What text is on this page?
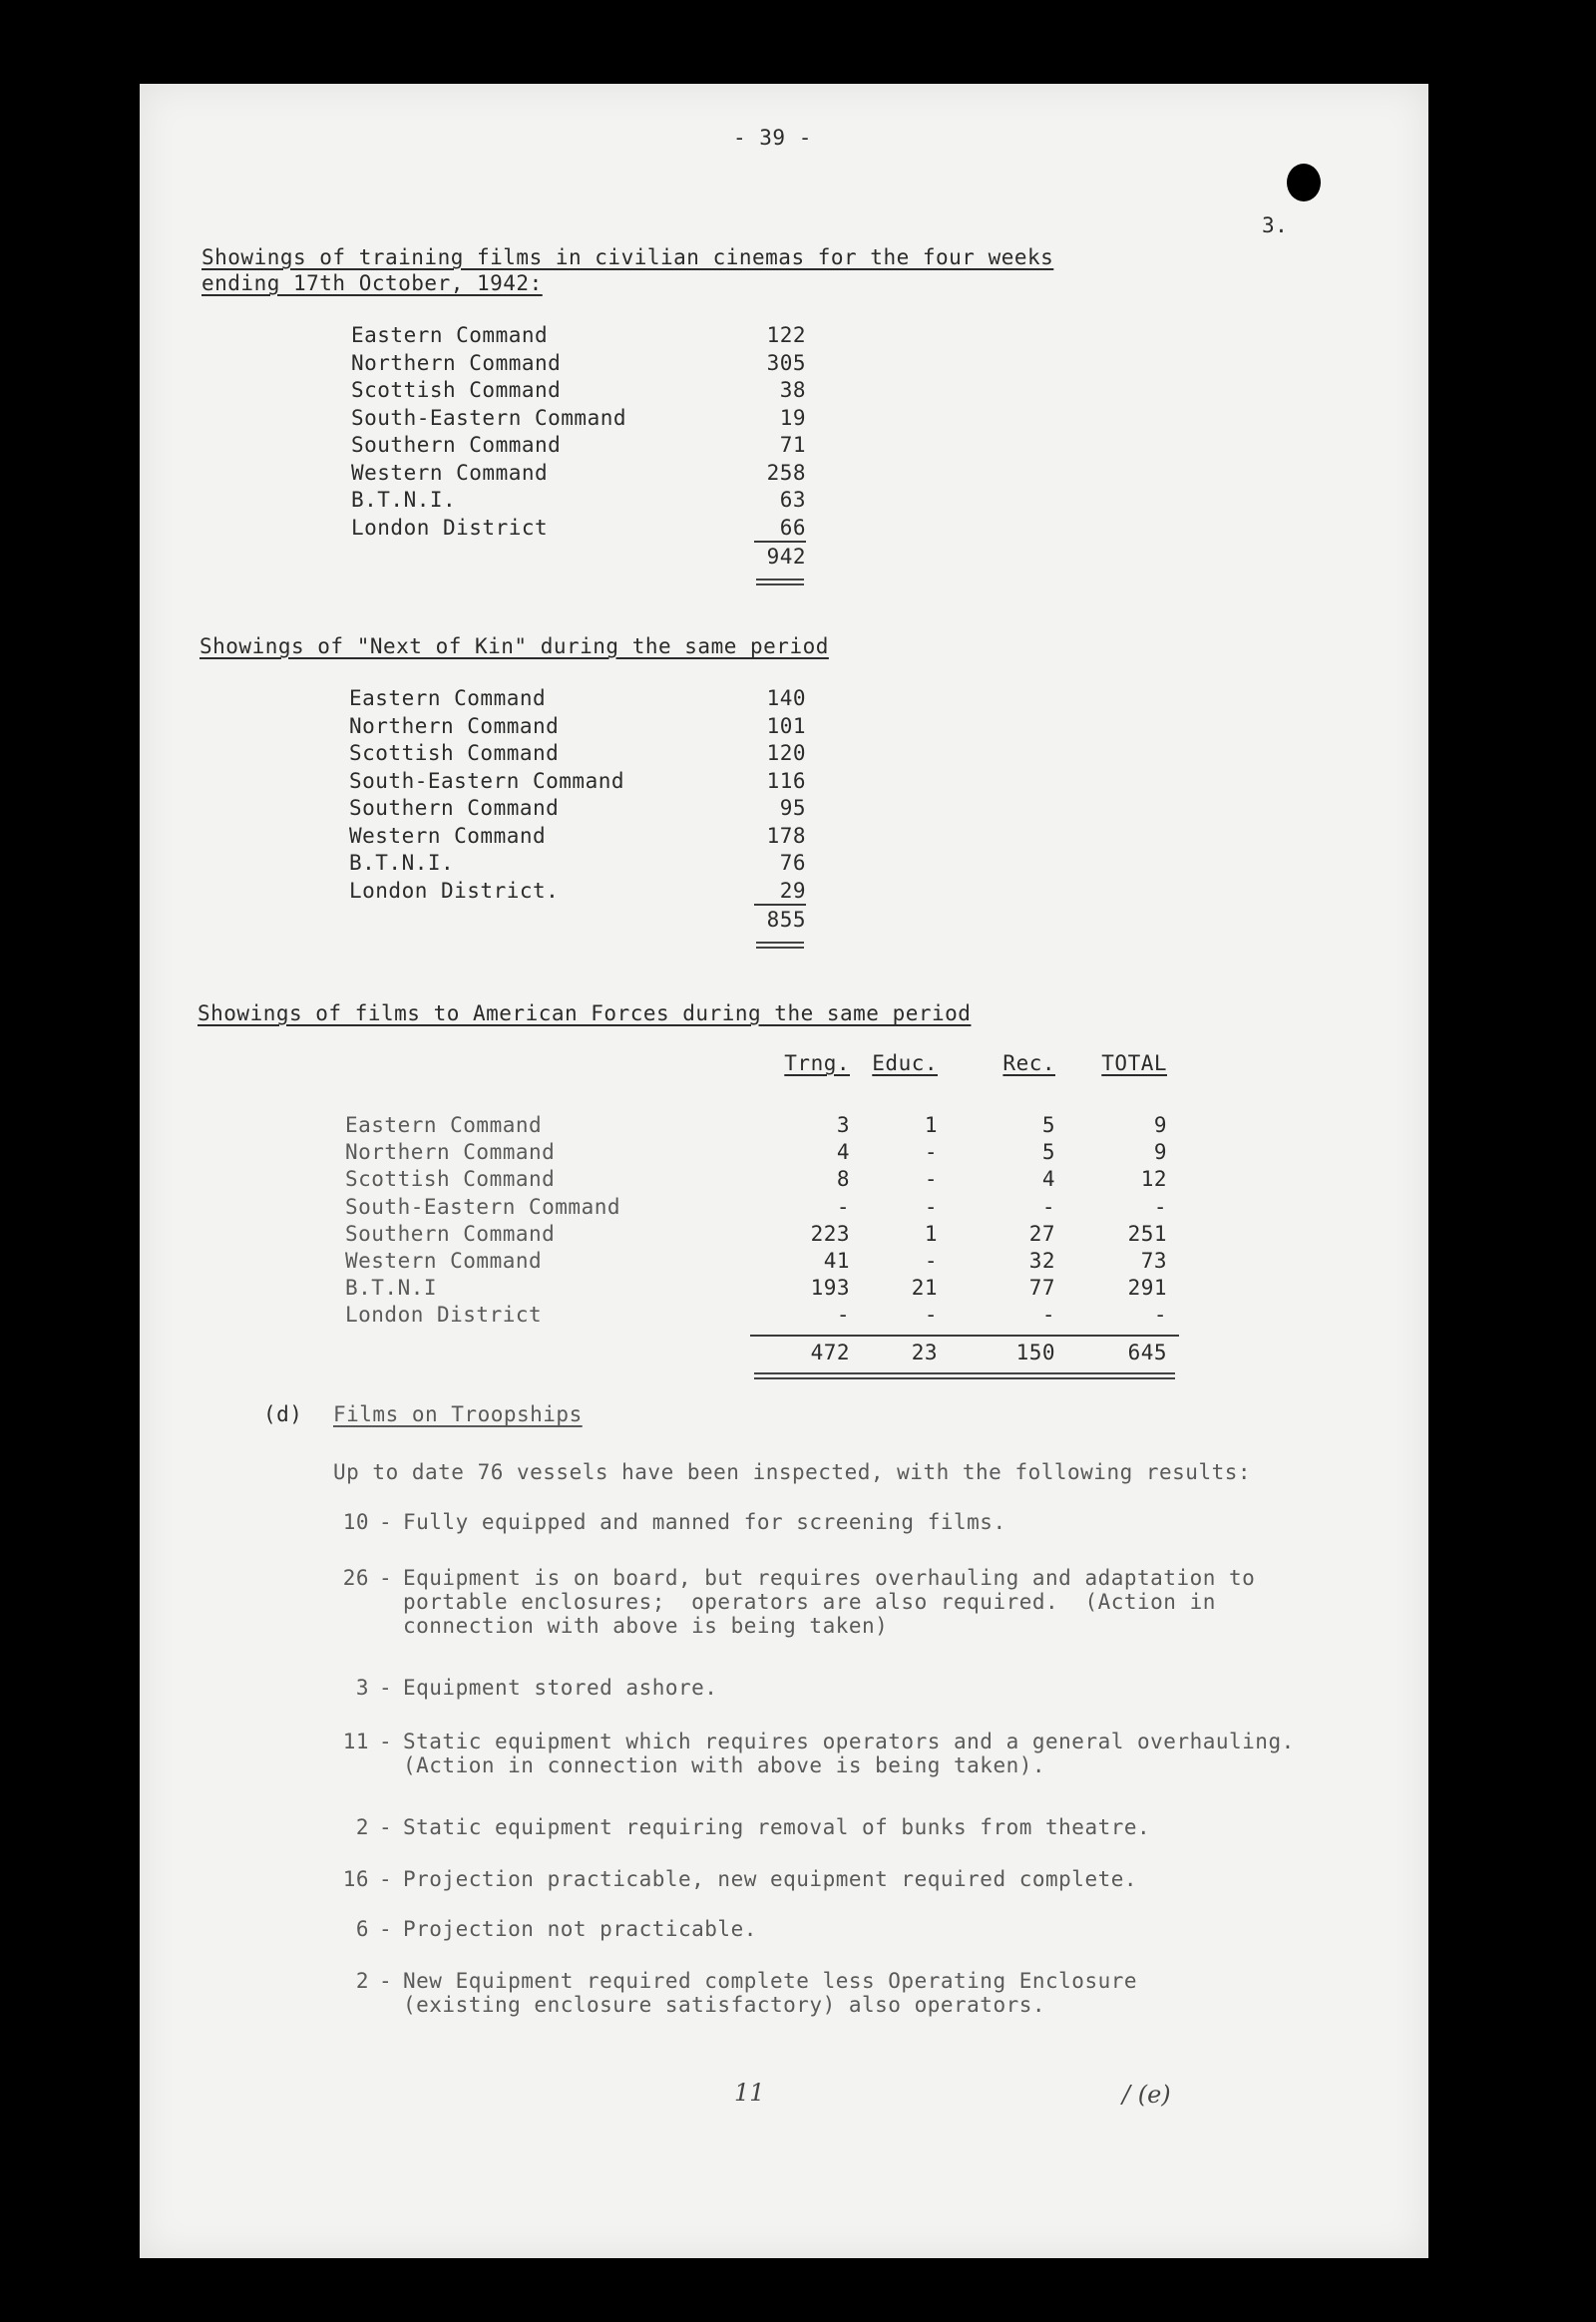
- 39 -
3.
Showings of training films in civilian cinemas for the four weeks
ending 17th October, 1942:
Eastern Command	122
Northern Command	305
Scottish Command	38
South-Eastern Command	19
Southern Command	71
Western Command	258
B.T.N.I.	63
London District	66
942
Showings of "Next of Kin" during the same period
Eastern Command	140
Northern Command	101
Scottish Command	120
South-Eastern Command	116
Southern Command	95
Western Command	178
B.T.N.I.	76
London District.	29
855
Showings of films to American Forces during the same period
Trng.	Educ.	Rec.	TOTAL
Eastern Command	3	1	5	9
Northern Command	4	-	5	9
Scottish Command	8	-	4	12
South-Eastern Command	-	-	-	-
Southern Command	223	1	27	251
Western Command	41	-	32	73
B.T.N.I	193	21	77	291
London District	-	-	-	-
472	23	150	645
(d) Films on Troopships
Up to date 76 vessels have been inspected, with the following results:
10 - Fully equipped and manned for screening films.
26 - Equipment is on board, but requires overhauling and adaptation to
portable enclosures;  operators are also required.  (Action in
connection with above is being taken)
3 - Equipment stored ashore.
11 - Static equipment which requires operators and a general overhauling.
(Action in connection with above is being taken).
2 - Static equipment requiring removal of bunks from theatre.
16 - Projection practicable, new equipment required complete.
6 - Projection not practicable.
2 - New Equipment required complete less Operating Enclosure
(existing enclosure satisfactory) also operators.
11	/ (e)
